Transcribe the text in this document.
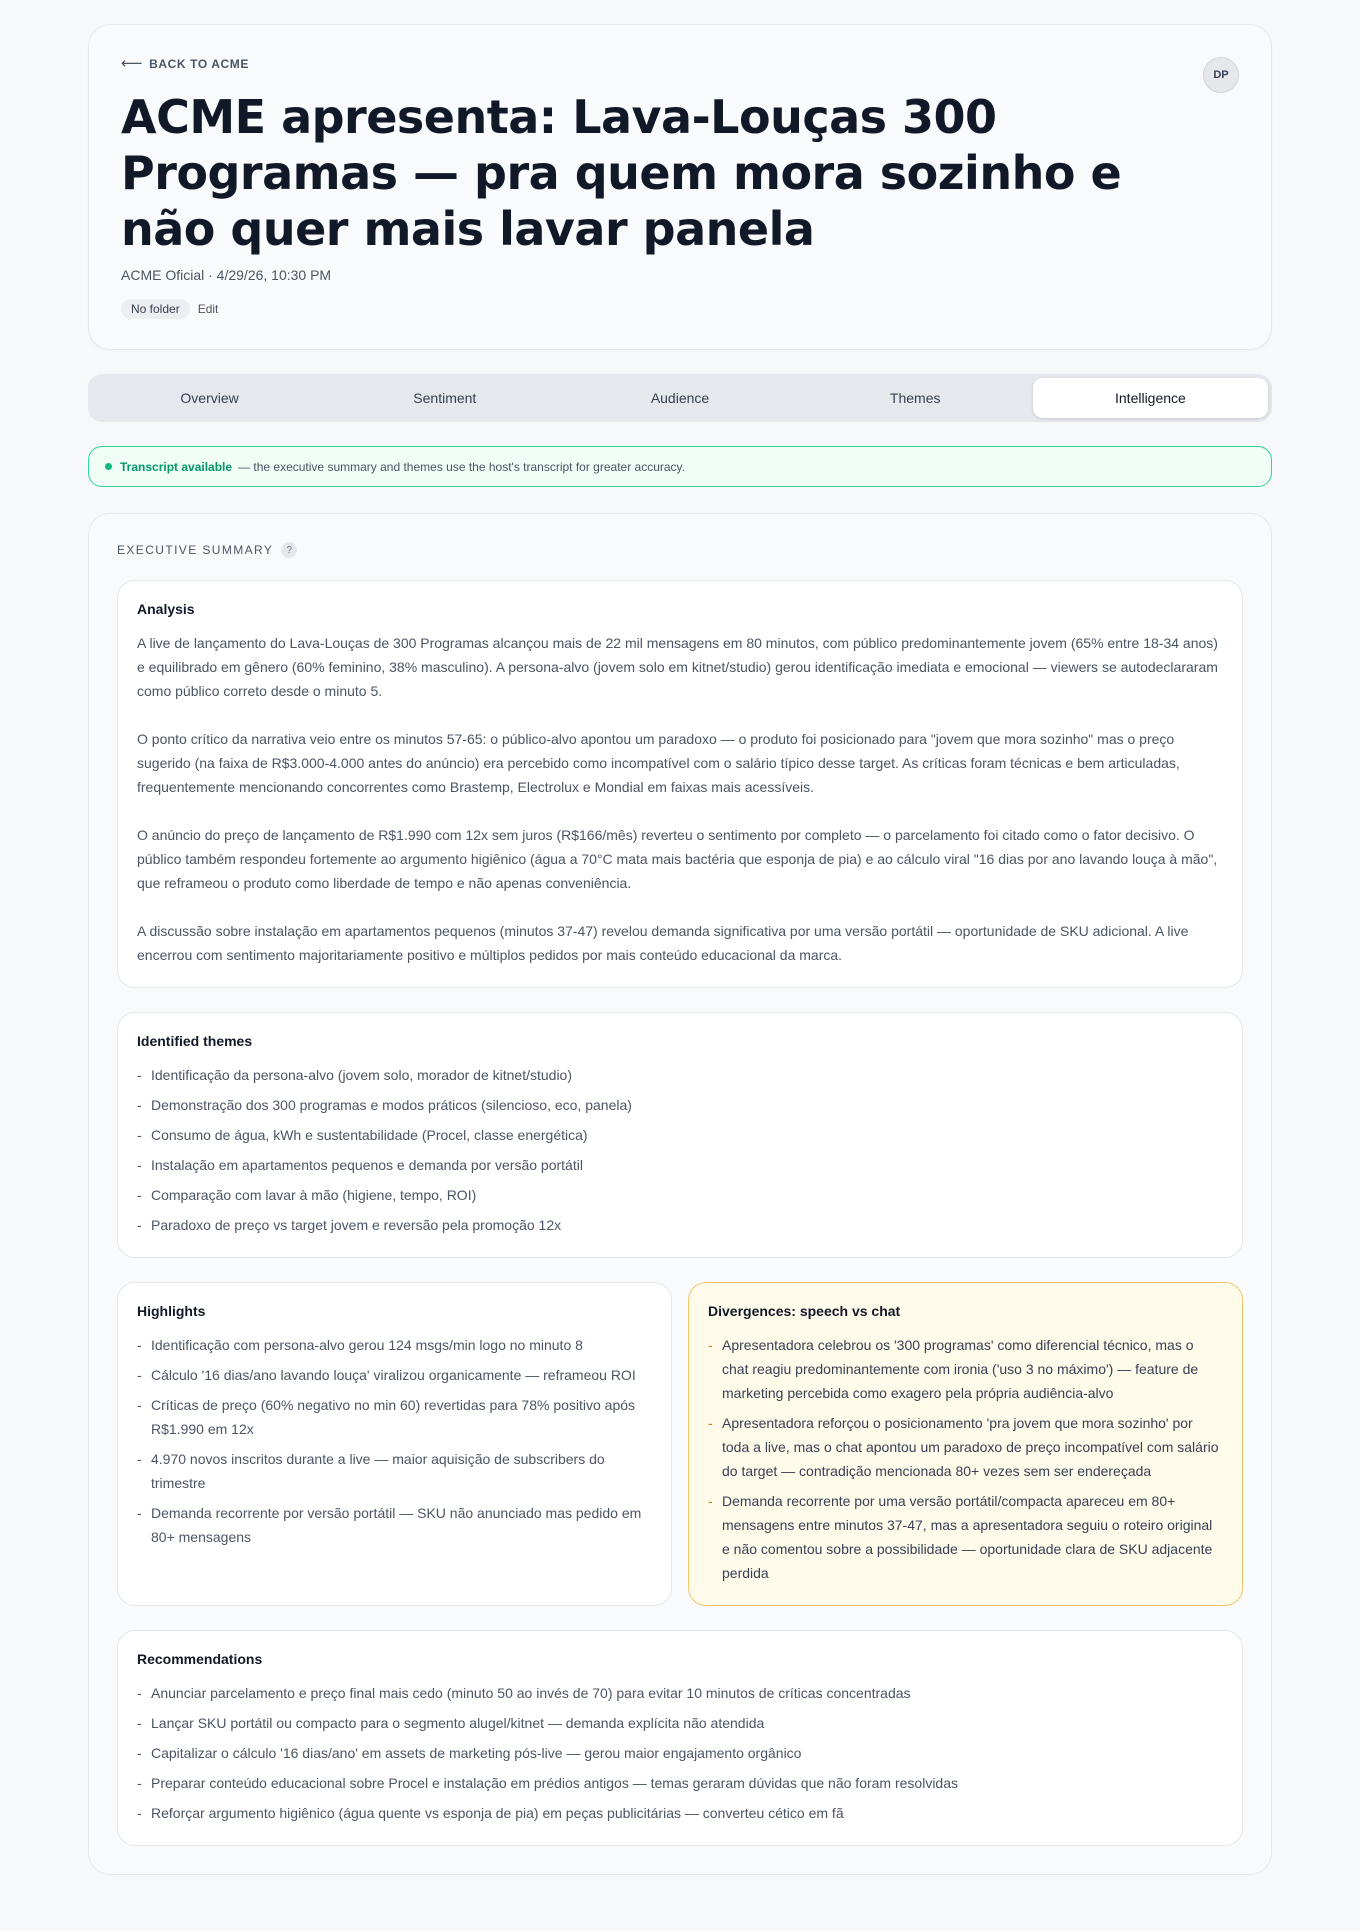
⟵ BACK TO ACME
DP
ACME apresenta: Lava-Louças 300 Programas — pra quem mora sozinho e não quer mais lavar panela
ACME Oficial · 4/29/26, 10:30 PM
No folder	Edit
Overview	Sentiment	Audience	Themes	Intelligence
Transcript available — the executive summary and themes use the host's transcript for greater accuracy.
EXECUTIVE SUMMARY	?
Analysis

A live de lançamento do Lava-Louças de 300 Programas alcançou mais de 22 mil mensagens em 80 minutos, com público predominantemente jovem (65% entre 18-34 anos) e equilibrado em gênero (60% feminino, 38% masculino). A persona-alvo (jovem solo em kitnet/studio) gerou identificação imediata e emocional — viewers se autodeclararam como público correto desde o minuto 5.

O ponto crítico da narrativa veio entre os minutos 57-65: o público-alvo apontou um paradoxo — o produto foi posicionado para "jovem que mora sozinho" mas o preço sugerido (na faixa de R$3.000-4.000 antes do anúncio) era percebido como incompatível com o salário típico desse target. As críticas foram técnicas e bem articuladas, frequentemente mencionando concorrentes como Brastemp, Electrolux e Mondial em faixas mais acessíveis.

O anúncio do preço de lançamento de R$1.990 com 12x sem juros (R$166/mês) reverteu o sentimento por completo — o parcelamento foi citado como o fator decisivo. O público também respondeu fortemente ao argumento higiênico (água a 70°C mata mais bactéria que esponja de pia) e ao cálculo viral "16 dias por ano lavando louça à mão", que reframeou o produto como liberdade de tempo e não apenas conveniência.

A discussão sobre instalação em apartamentos pequenos (minutos 37-47) revelou demanda significativa por uma versão portátil — oportunidade de SKU adicional. A live encerrou com sentimento majoritariamente positivo e múltiplos pedidos por mais conteúdo educacional da marca.

Identified themes
- Identificação da persona-alvo (jovem solo, morador de kitnet/studio)
- Demonstração dos 300 programas e modos práticos (silencioso, eco, panela)
- Consumo de água, kWh e sustentabilidade (Procel, classe energética)
- Instalação em apartamentos pequenos e demanda por versão portátil
- Comparação com lavar à mão (higiene, tempo, ROI)
- Paradoxo de preço vs target jovem e reversão pela promoção 12x
Highlights
- Identificação com persona-alvo gerou 124 msgs/min logo no minuto 8
- Cálculo '16 dias/ano lavando louça' viralizou organicamente — reframeou ROI
- Críticas de preço (60% negativo no min 60) revertidas para 78% positivo após R$1.990 em 12x
- 4.970 novos inscritos durante a live — maior aquisição de subscribers do trimestre
- Demanda recorrente por versão portátil — SKU não anunciado mas pedido em 80+ mensagens
Divergences: speech vs chat
- Apresentadora celebrou os '300 programas' como diferencial técnico, mas o chat reagiu predominantemente com ironia ('uso 3 no máximo') — feature de marketing percebida como exagero pela própria audiência-alvo
- Apresentadora reforçou o posicionamento 'pra jovem que mora sozinho' por toda a live, mas o chat apontou um paradoxo de preço incompatível com salário do target — contradição mencionada 80+ vezes sem ser endereçada
- Demanda recorrente por uma versão portátil/compacta apareceu em 80+ mensagens entre minutos 37-47, mas a apresentadora seguiu o roteiro original e não comentou sobre a possibilidade — oportunidade clara de SKU adjacente perdida
Recommendations
- Anunciar parcelamento e preço final mais cedo (minuto 50 ao invés de 70) para evitar 10 minutos de críticas concentradas
- Lançar SKU portátil ou compacto para o segmento alugel/kitnet — demanda explícita não atendida
- Capitalizar o cálculo '16 dias/ano' em assets de marketing pós-live — gerou maior engajamento orgânico
- Preparar conteúdo educacional sobre Procel e instalação em prédios antigos — temas geraram dúvidas que não foram resolvidas
- Reforçar argumento higiênico (água quente vs esponja de pia) em peças publicitárias — converteu cético em fã
